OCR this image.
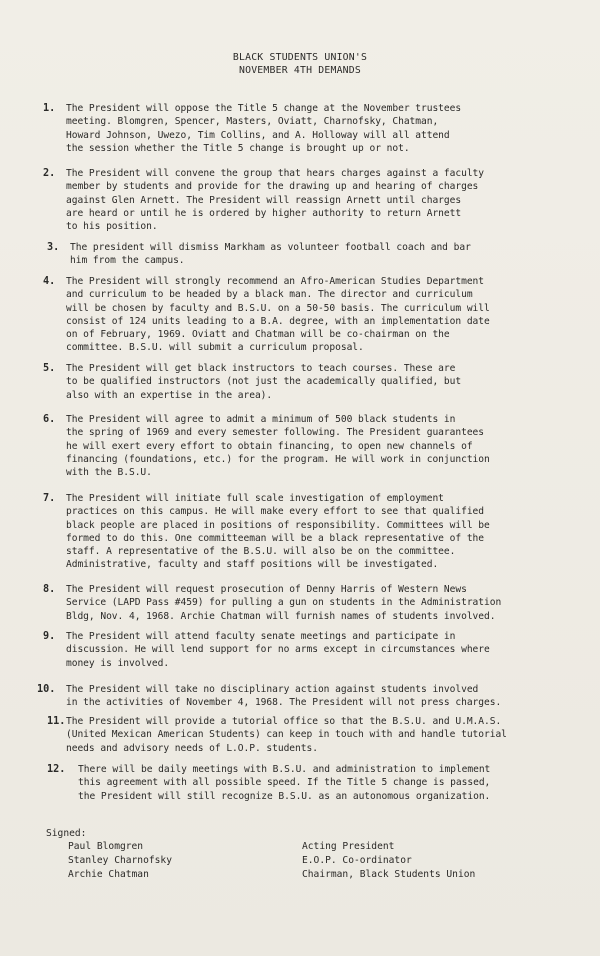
BLACK STUDENTS UNION'S
NOVEMBER 4TH DEMANDS
1. The President will oppose the Title 5 change at the November trustees
meeting. Blomgren, Spencer, Masters, Oviatt, Charnofsky, Chatman,
Howard Johnson, Uwezo, Tim Collins, and A. Holloway will all attend
the session whether the Title 5 change is brought up or not.
2. The President will convene the group that hears charges against a faculty
member by students and provide for the drawing up and hearing of charges
against Glen Arnett. The President will reassign Arnett until charges
are heard or until he is ordered by higher authority to return Arnett
to his position.
3. The president will dismiss Markham as volunteer football coach and bar
him from the campus.
4. The President will strongly recommend an Afro-American Studies Department
and curriculum to be headed by a black man. The director and curriculum
will be chosen by faculty and B.S.U. on a 50-50 basis. The curriculum will
consist of 124 units leading to a B.A. degree, with an implementation date
on of February, 1969. Oviatt and Chatman will be co-chairman on the
committee. B.S.U. will submit a curriculum proposal.
5. The President will get black instructors to teach courses. These are
to be qualified instructors (not just the academically qualified, but
also with an expertise in the area).
6. The President will agree to admit a minimum of 500 black students in
the spring of 1969 and every semester following. The President guarantees
he will exert every effort to obtain financing, to open new channels of
financing (foundations, etc.) for the program. He will work in conjunction
with the B.S.U.
7. The President will initiate full scale investigation of employment
practices on this campus. He will make every effort to see that qualified
black people are placed in positions of responsibility. Committees will be
formed to do this. One committeeman will be a black representative of the
staff. A representative of the B.S.U. will also be on the committee.
Administrative, faculty and staff positions will be investigated.
8. The President will request prosecution of Denny Harris of Western News
Service (LAPD Pass #459) for pulling a gun on students in the Administration
Bldg, Nov. 4, 1968. Archie Chatman will furnish names of students involved.
9. The President will attend faculty senate meetings and participate in
discussion. He will lend support for no arms except in circumstances where
money is involved.
10. The President will take no disciplinary action against students involved
in the activities of November 4, 1968. The President will not press charges.
11. The President will provide a tutorial office so that the B.S.U. and U.M.A.S.
(United Mexican American Students) can keep in touch with and handle tutorial
needs and advisory needs of L.O.P. students.
12. There will be daily meetings with B.S.U. and administration to implement
this agreement with all possible speed. If the Title 5 change is passed,
the President will still recognize B.S.U. as an autonomous organization.
Signed:
Paul Blomgren
Stanley Charnofsky
Archie Chatman
Acting President
E.O.P. Co-ordinator
Chairman, Black Students Union
